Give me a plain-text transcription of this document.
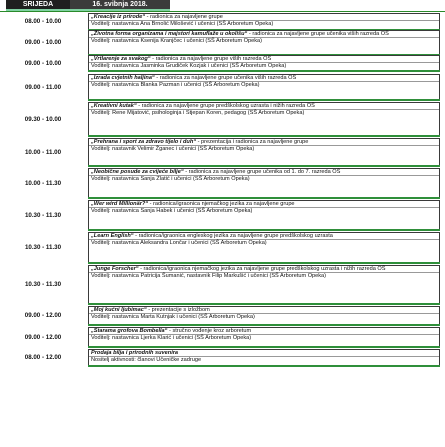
SRIJEDA	16. svibnja 2018.
08.00 - 10.00
„Kreacije iz prirode“ - radionica za najavljene grupe
Voditelj: nastavnica Ana Brnolić Milošević i učenici (SŠ Arboretum Opeka)
09.00 - 10.00
„Životna forma organizama i majstori kamuflaže u okolišu“ - radionica za najavljene grupe učenika viših razreda OŠ
Voditelj: nastavnica Ksenija Kranjčec i učenici (SŠ Arboretum Opeka)
09.00 - 10.00
„Vrtlarenje za svakog“ - radionica za najavljene grupe viših razreda OŠ
Voditelj: nastavnica Jasminka Grudiček Kozjak i učenici (SŠ Arboretum Opeka)
09.00 - 11.00
„Izrada cvjetnih haljina“ - radionica za najavljene grupe učenika viših razreda OŠ
Voditelj: nastavnica Blanka Pazman i učenici (SŠ Arboretum Opeka)
09.30 - 10.00
„Kreativni kutak“ - radionica za najavljene grupe predškolskog uzrasta i nižih razreda OŠ
Voditelj: Rene Mijatović, psihologinja i Stjepan Koren, pedagog (SŠ Arboretum Opeka)
10.00 - 11.00
„Prehrana i sport za zdravo tijelo i duh“ - prezentacija i radionica za najavljene grupe
Voditelj: nastavnik Velimir Žganec i učenici (SŠ Arboretum Opeka)
10.00 - 11.30
„Neobične posude za cvijeće bilje“ - radionica za najavljene grupe učenika od 1. do 7. razreda OŠ
Voditelj: nastavnica Sanja Zlatić i učenici (SŠ Arboretum Opeka)
10.30 - 11.30
„Wer wird Millionär?“ - radionica/igraonica njemačkog jezika za najavljene grupe
Voditelj: nastavnica Sanja Habek i učenici (SŠ Arboretum Opeka)
10.30 - 11.30
„Learn English“ - radionica/igraonica engleskog jezika za najavljene grupe predškolskog uzrasta
Voditelj: nastavnica Aleksandra Lončar i učenici (SŠ Arboretum Opeka)
10.30 - 11.30
„Junge Forscher“ - radionica/igraonica njemačkog jezika za najavljene grupe predškolskog uzrasta i nižih razreda OŠ
Voditelj: nastavnica Patricija Šumanić, nastavnik Filip Markušić i učenici (SŠ Arboretum Opeka)
09.00 - 12.00
„Moj kućni ljubimac“ - prezentacije s izložbom
Voditelj: nastavnica Marta Kutnjak i učenici (SŠ Arboretum Opeka)
09.00 - 12.00
„Starama grofova Bombella“ - stručno vođenje kroz arboretum
Voditelj: nastavnica Ljerka Klarić i učenici (SŠ Arboretum Opeka)
08.00 - 12.00
Prodaja bilja i prirodnih suvenira
Nositelj aktivnosti: članovi Učeničke zadruge
